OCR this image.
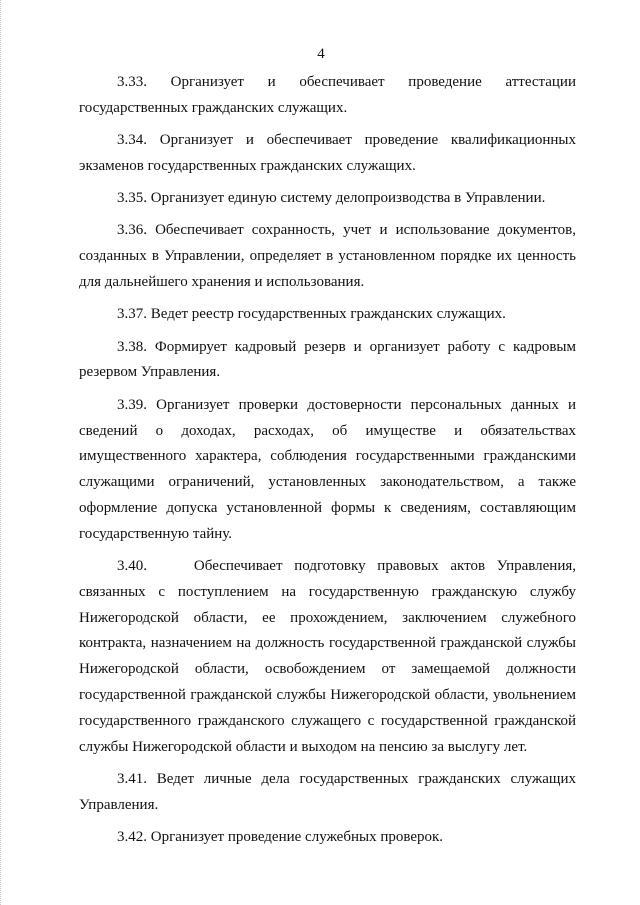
4

3.33.    Организует    и    обеспечивает    проведение    аттестации государственных гражданских служащих.

3.34. Организует и обеспечивает проведение квалификационных экзаменов государственных гражданских служащих.

3.35. Организует единую систему делопроизводства в Управлении.

3.36. Обеспечивает сохранность, учет и использование документов, созданных в Управлении, определяет в установленном порядке их ценность для дальнейшего хранения и использования.

3.37. Ведет реестр государственных гражданских служащих.

3.38. Формирует кадровый резерв и организует работу с кадровым резервом Управления.

3.39. Организует проверки достоверности персональных данных и сведений о доходах, расходах, об имуществе и обязательствах имущественного характера, соблюдения государственными гражданскими служащими ограничений, установленных законодательством, а также оформление допуска установленной формы к сведениям, составляющим государственную тайну.

3.40.    Обеспечивает подготовку правовых актов Управления, связанных с поступлением на государственную гражданскую службу Нижегородской области, ее прохождением, заключением служебного контракта, назначением на должность государственной гражданской службы Нижегородской области, освобождением от замещаемой должности государственной гражданской службы Нижегородской области, увольнением государственного гражданского служащего с государственной гражданской службы Нижегородской области и выходом на пенсию за выслугу лет.

3.41. Ведет личные дела государственных гражданских служащих Управления.

3.42. Организует проведение служебных проверок.
